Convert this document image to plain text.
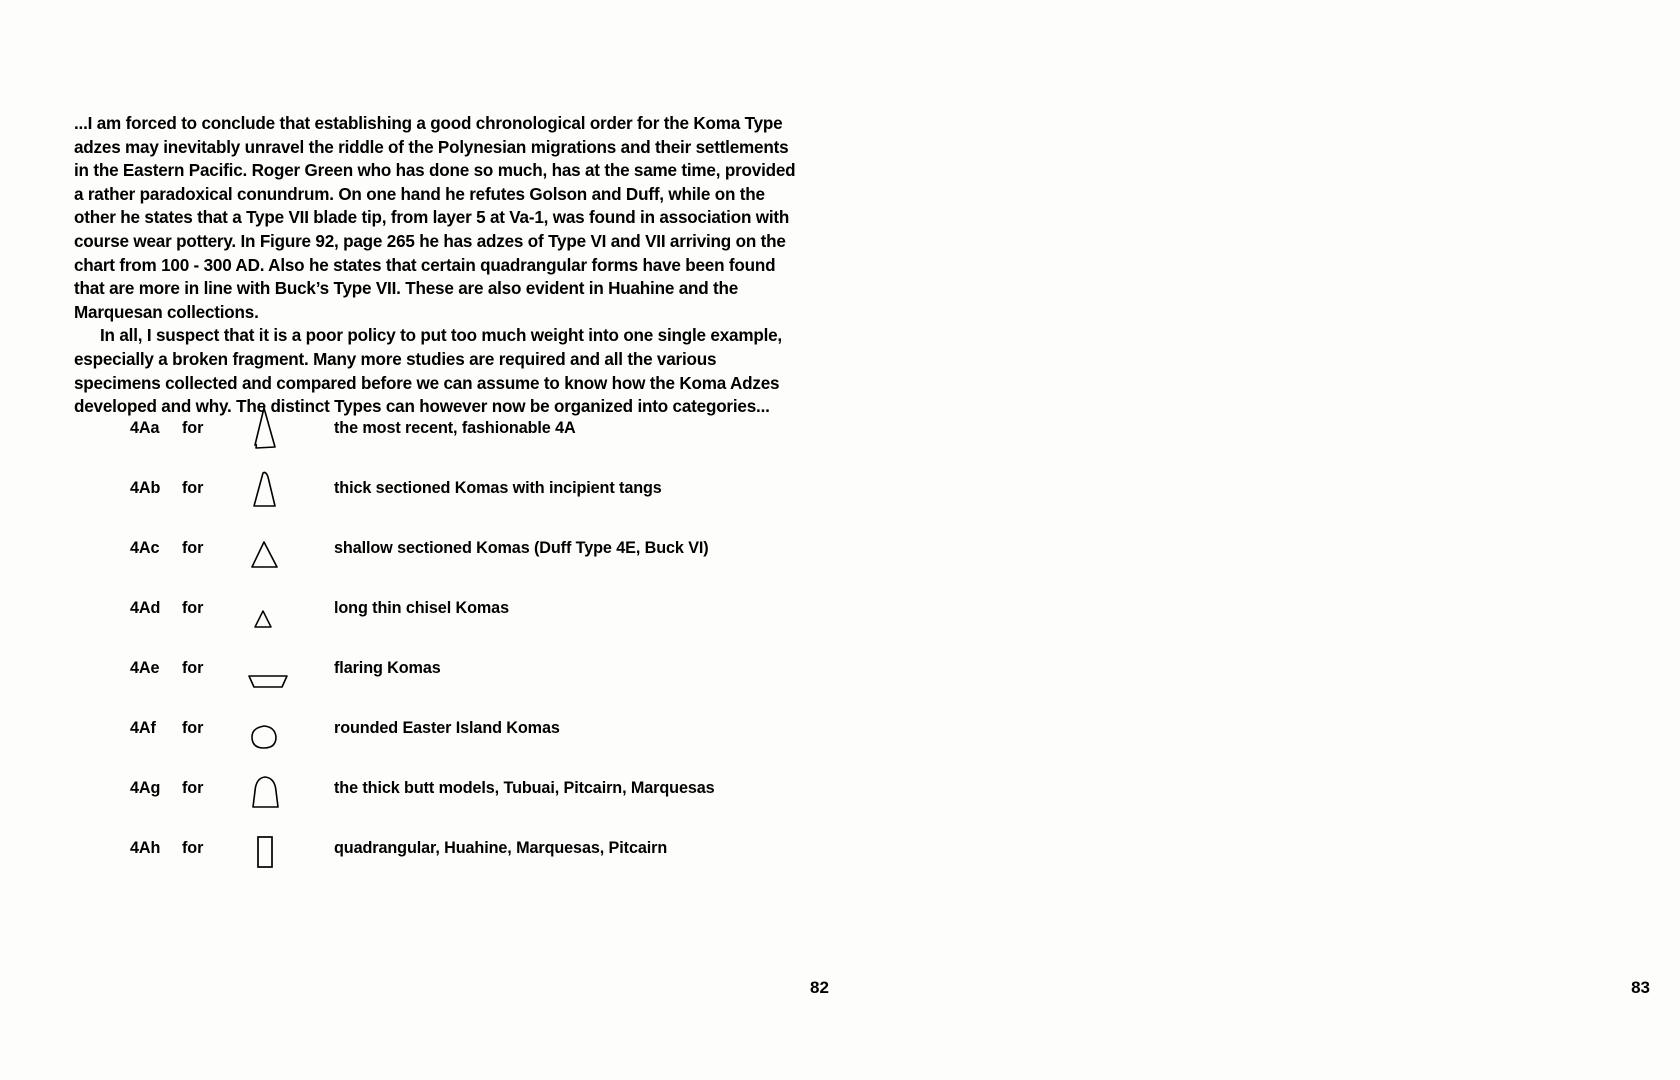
...I am forced to conclude that establishing a good chronological order for the Koma Type adzes may inevitably unravel the riddle of the Polynesian migrations and their settlements in the Eastern Pacific. Roger Green who has done so much, has at the same time, provided a rather paradoxical conundrum. On one hand he refutes Golson and Duff, while on the other he states that a Type VII blade tip, from layer 5 at Va-1, was found in association with course wear pottery. In Figure 92, page 265 he has adzes of Type VI and VII arriving on the chart from 100 - 300 AD. Also he states that certain quadrangular forms have been found that are more in line with Buck’s Type VII. These are also evident in Huahine and the Marquesan collections.

In all, I suspect that it is a poor policy to put too much weight into one single example, especially a broken fragment. Many more studies are required and all the various specimens collected and compared before we can assume to know how the Koma Adzes developed and why. The distinct Types can however now be organized into categories...

4Aa	for	the most recent, fashionable 4A
4Ab	for	thick sectioned Komas with incipient tangs
4Ac	for	shallow sectioned Komas (Duff Type 4E, Buck VI)
4Ad	for	long thin chisel Komas
4Ae	for	flaring Komas
4Af	for	rounded Easter Island Komas
4Ag	for	the thick butt models, Tubuai, Pitcairn, Marquesas
4Ah	for	quadrangular, Huahine, Marquesas, Pitcairn
82

		83
